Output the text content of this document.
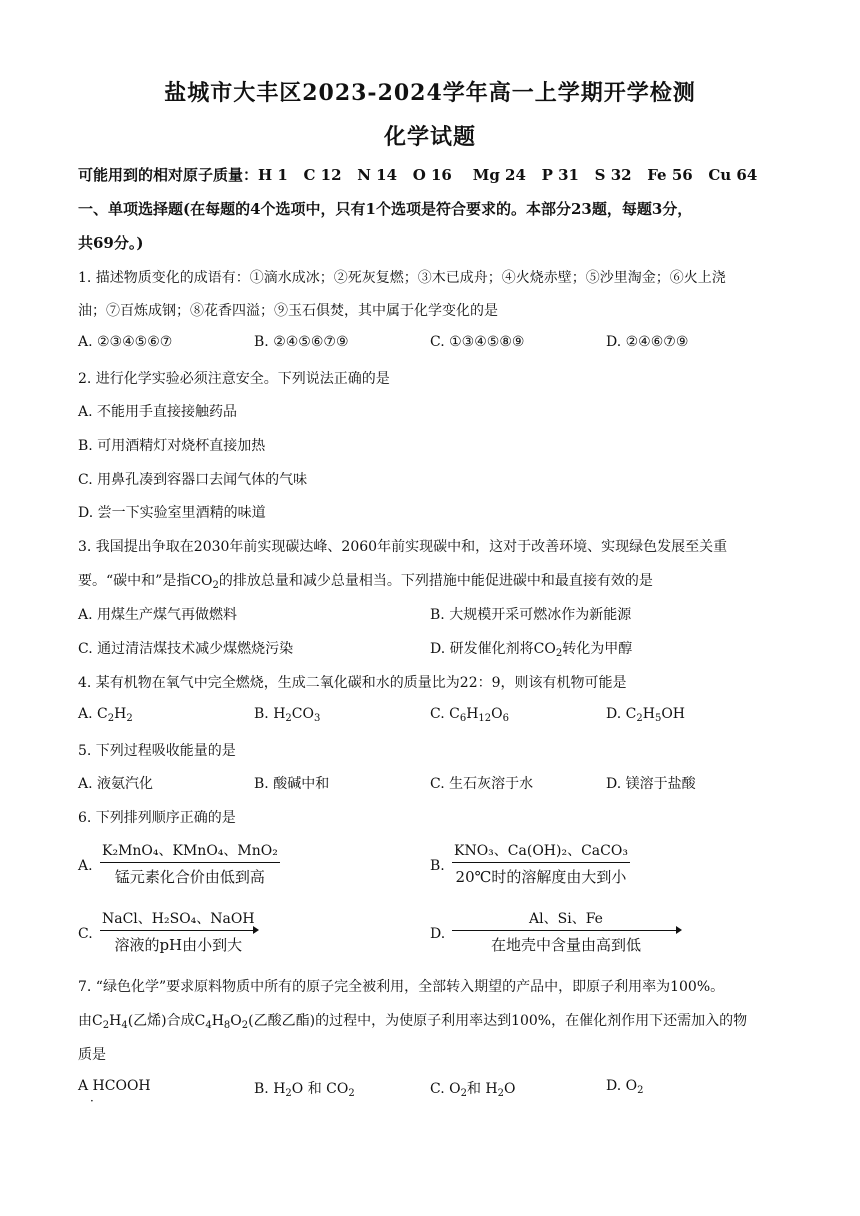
盐城市大丰区2023-2024学年高一上学期开学检测
化学试题
可能用到的相对原子质量：H 1   C 12   N 14   O 16    Mg 24   P 31   S 32   Fe 56   Cu 64
一、单项选择题(在每题的4个选项中，只有1个选项是符合要求的。本部分23题，每题3分，
共69分。)
1. 描述物质变化的成语有：①滴水成冰；②死灰复燃；③木已成舟；④火烧赤壁；⑤沙里淘金；⑥火上浇
油；⑦百炼成钢；⑧花香四溢；⑨玉石俱焚，其中属于化学变化的是
A. ②③④⑤⑥⑦	B. ②④⑤⑥⑦⑨	C. ①③④⑤⑧⑨	D. ②④⑥⑦⑨
2. 进行化学实验必须注意安全。下列说法正确的是
A. 不能用手直接接触药品
B. 可用酒精灯对烧杯直接加热
C. 用鼻孔凑到容器口去闻气体的气味
D. 尝一下实验室里酒精的味道
3. 我国提出争取在2030年前实现碳达峰、2060年前实现碳中和，这对于改善环境、实现绿色发展至关重
要。“碳中和”是指$CO_2$的排放总量和减少总量相当。下列措施中能促进碳中和最直接有效的是
A. 用煤生产煤气再做燃料	B. 大规模开采可燃冰作为新能源
C. 通过清洁煤技术减少煤燃烧污染	D. 研发催化剂将$CO_2$转化为甲醇
4. 某有机物在氧气中完全燃烧，生成二氧化碳和水的质量比为22：9，则该有机物可能是
A. $C_2H_2$	B. $H_2CO_3$	C. $C_6H_{12}O_6$	D. $C_2H_5OH$
5. 下列过程吸收能量的是
A. 液氨汽化	B. 酸碱中和	C. 生石灰溶于水	D. 镁溶于盐酸
6. 下列排列顺序正确的是
A.
K₂MnO₄、KMnO₄、MnO₂
锰元素化合价由低到高
B.
KNO₃、Ca(OH)₂、CaCO₃
20℃时的溶解度由大到小
C.
NaCl、H₂SO₄、NaOH
溶液的pH由小到大
D.
Al、Si、Fe
在地壳中含量由高到低
7. “绿色化学”要求原料物质中所有的原子完全被利用，全部转入期望的产品中，即原子利用率为100%。
由$C_2H_4$(乙烯)合成$C_4H_8O_2$(乙酸乙酯)的过程中，为使原子利用率达到100%，在催化剂作用下还需加入的物
质是
A HCOOH
·
B. $H_2O$ 和 $CO_2$	C. $O_2$和 $H_2O$	D. $O_2$
